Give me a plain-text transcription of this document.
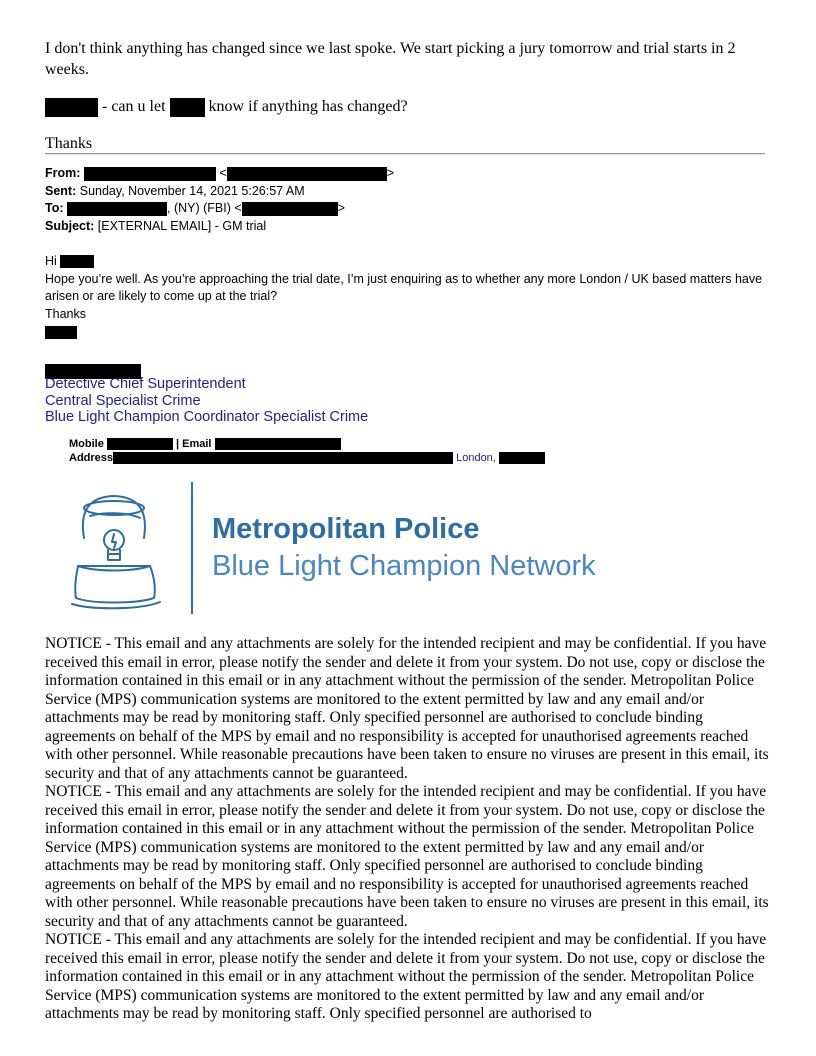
I don't think anything has changed since we last spoke. We start picking a jury tomorrow and trial starts in 2 weeks.

- can u let  know if anything has changed?

Thanks

From:	<	>
Sent: Sunday, November 14, 2021 5:26:57 AM
To:	, (NY) (FBI) <	>
Subject: [EXTERNAL EMAIL] - GM trial
Hi
Hope you’re well. As you’re approaching the trial date, I’m just enquiring as to whether any more London / UK based matters have arisen or are likely to come up at the trial?
Thanks
Detective Chief Superintendent
Central Specialist Crime
Blue Light Champion Coordinator Specialist Crime
Mobile	| Email
Address	London,
Metropolitan Police
Blue Light Champion Network

NOTICE - This email and any attachments are solely for the intended recipient and may be confidential. If you have received this email in error, please notify the sender and delete it from your system. Do not use, copy or disclose the information contained in this email or in any attachment without the permission of the sender. Metropolitan Police Service (MPS) communication systems are monitored to the extent permitted by law and any email and/or attachments may be read by monitoring staff. Only specified personnel are authorised to conclude binding agreements on behalf of the MPS by email and no responsibility is accepted for unauthorised agreements reached with other personnel. While reasonable precautions have been taken to ensure no viruses are present in this email, its security and that of any attachments cannot be guaranteed.

NOTICE - This email and any attachments are solely for the intended recipient and may be confidential. If you have received this email in error, please notify the sender and delete it from your system. Do not use, copy or disclose the information contained in this email or in any attachment without the permission of the sender. Metropolitan Police Service (MPS) communication systems are monitored to the extent permitted by law and any email and/or attachments may be read by monitoring staff. Only specified personnel are authorised to conclude binding agreements on behalf of the MPS by email and no responsibility is accepted for unauthorised agreements reached with other personnel. While reasonable precautions have been taken to ensure no viruses are present in this email, its security and that of any attachments cannot be guaranteed.

NOTICE - This email and any attachments are solely for the intended recipient and may be confidential. If you have received this email in error, please notify the sender and delete it from your system. Do not use, copy or disclose the information contained in this email or in any attachment without the permission of the sender. Metropolitan Police Service (MPS) communication systems are monitored to the extent permitted by law and any email and/or attachments may be read by monitoring staff. Only specified personnel are authorised to
